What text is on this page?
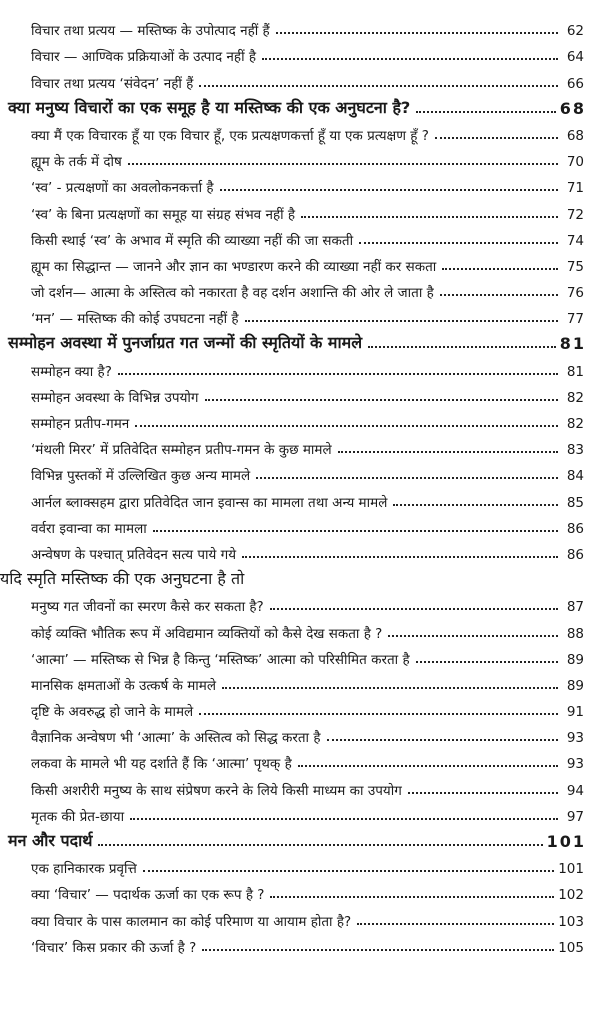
विचार तथा प्रत्यय — मस्तिष्क के उपोत्पाद नहीं हैं	62
विचार — आण्विक प्रक्रियाओं के उत्पाद नहीं है	64
विचार तथा प्रत्यय ‘संवेदन’ नहीं हैं	66
क्या मनुष्य विचारों का एक समूह है या मस्तिष्क की एक अनुघटना है?	68
क्या मैं एक विचारक हूँ या एक विचार हूँ, एक प्रत्यक्षणकर्त्ता हूँ या एक प्रत्यक्षण हूँ ?	68
ह्यूम के तर्क में दोष	70
‘स्व’ - प्रत्यक्षणों का अवलोकनकर्त्ता है	71
‘स्व’ के बिना प्रत्यक्षणों का समूह या संग्रह संभव नहीं है	72
किसी स्थाई ‘स्व’ के अभाव में स्मृति की व्याख्या नहीं की जा सकती	74
ह्यूम का सिद्धान्त — जानने और ज्ञान का भण्डारण करने की व्याख्या नहीं कर सकता	75
जो दर्शन— आत्मा के अस्तित्व को नकारता है वह दर्शन अशान्ति की ओर ले जाता है	76
‘मन’ — मस्तिष्क की कोई उपघटना नहीं है	77
सम्मोहन अवस्था में पुनर्जाग्रत गत जन्मों की स्मृतियों के मामले	81
सम्मोहन क्या है?	81
सम्मोहन अवस्था के विभिन्न उपयोग	82
सम्मोहन प्रतीप-गमन	82
‘मंथली मिरर’ में प्रतिवेदित सम्मोहन प्रतीप-गमन के कुछ मामले	83
विभिन्न पुस्तकों में उल्लिखित कुछ अन्य मामले	84
आर्नल ब्लाक्सहम द्वारा प्रतिवेदित जान इवान्स का मामला तथा अन्य मामले	85
वर्वरा इवान्वा का मामला	86
अन्वेषण के पश्चात् प्रतिवेदन सत्य पाये गये	86
यदि स्मृति मस्तिष्क की एक अनुघटना है तो
मनुष्य गत जीवनों का स्मरण कैसे कर सकता है?	87
कोई व्यक्ति भौतिक रूप में अविद्यमान व्यक्तियों को कैसे देख सकता है ?	88
‘आत्मा’ — मस्तिष्क से भिन्न है किन्तु ‘मस्तिष्क’ आत्मा को परिसीमित करता है	89
मानसिक क्षमताओं के उत्कर्ष के मामले	89
दृष्टि के अवरुद्ध हो जाने के मामले	91
वैज्ञानिक अन्वेषण भी ‘आत्मा’ के अस्तित्व को सिद्ध करता है	93
लकवा के मामले भी यह दर्शाते हैं कि ‘आत्मा’ पृथक् है	93
किसी अशरीरी मनुष्य के साथ संप्रेषण करने के लिये किसी माध्यम का उपयोग	94
मृतक की प्रेत-छाया	97
मन और पदार्थ	101
एक हानिकारक प्रवृत्ति	101
क्या ‘विचार’ — पदार्थक ऊर्जा का एक रूप है ?	102
क्या विचार के पास कालमान का कोई परिमाण या आयाम होता है?	103
‘विचार’ किस प्रकार की ऊर्जा है ?	105
